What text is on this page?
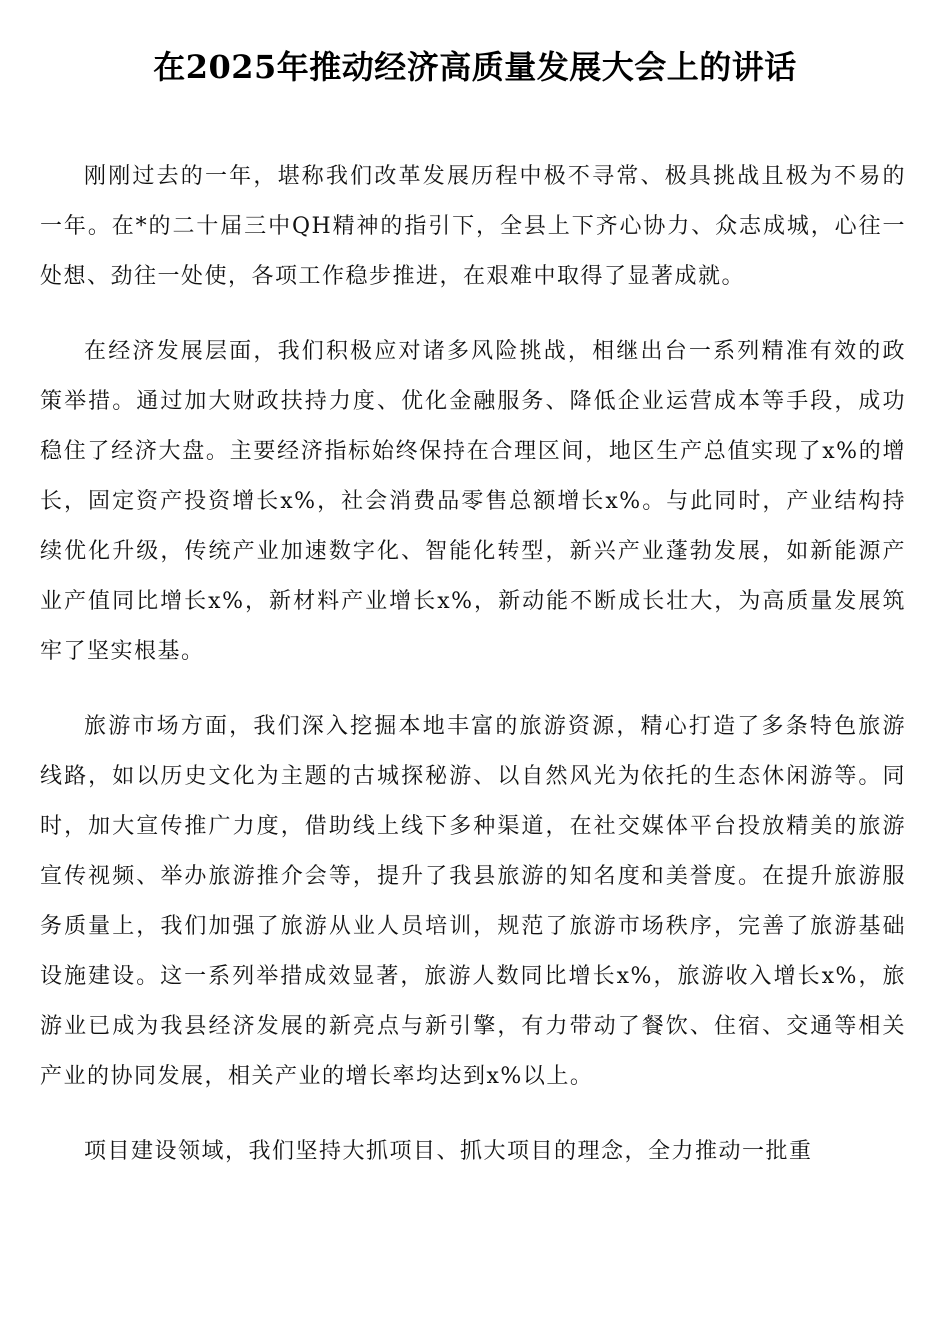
在2025年推动经济高质量发展大会上的讲话

刚刚过去的一年，堪称我们改革发展历程中极不寻常、极具挑战且极为不易的一年。在*的二十届三中QH精神的指引下，全县上下齐心协力、众志成城，心往一处想、劲往一处使，各项工作稳步推进，在艰难中取得了显著成就。

在经济发展层面，我们积极应对诸多风险挑战，相继出台一系列精准有效的政策举措。通过加大财政扶持力度、优化金融服务、降低企业运营成本等手段，成功稳住了经济大盘。主要经济指标始终保持在合理区间，地区生产总值实现了x%的增长，固定资产投资增长x%，社会消费品零售总额增长x%。与此同时，产业结构持续优化升级，传统产业加速数字化、智能化转型，新兴产业蓬勃发展，如新能源产业产值同比增长x%，新材料产业增长x%，新动能不断成长壮大，为高质量发展筑牢了坚实根基。

旅游市场方面，我们深入挖掘本地丰富的旅游资源，精心打造了多条特色旅游线路，如以历史文化为主题的古城探秘游、以自然风光为依托的生态休闲游等。同时，加大宣传推广力度，借助线上线下多种渠道，在社交媒体平台投放精美的旅游宣传视频、举办旅游推介会等，提升了我县旅游的知名度和美誉度。在提升旅游服务质量上，我们加强了旅游从业人员培训，规范了旅游市场秩序，完善了旅游基础设施建设。这一系列举措成效显著，旅游人数同比增长x%，旅游收入增长x%，旅游业已成为我县经济发展的新亮点与新引擎，有力带动了餐饮、住宿、交通等相关产业的协同发展，相关产业的增长率均达到x%以上。

项目建设领域，我们坚持大抓项目、抓大项目的理念，全力推动一批重
